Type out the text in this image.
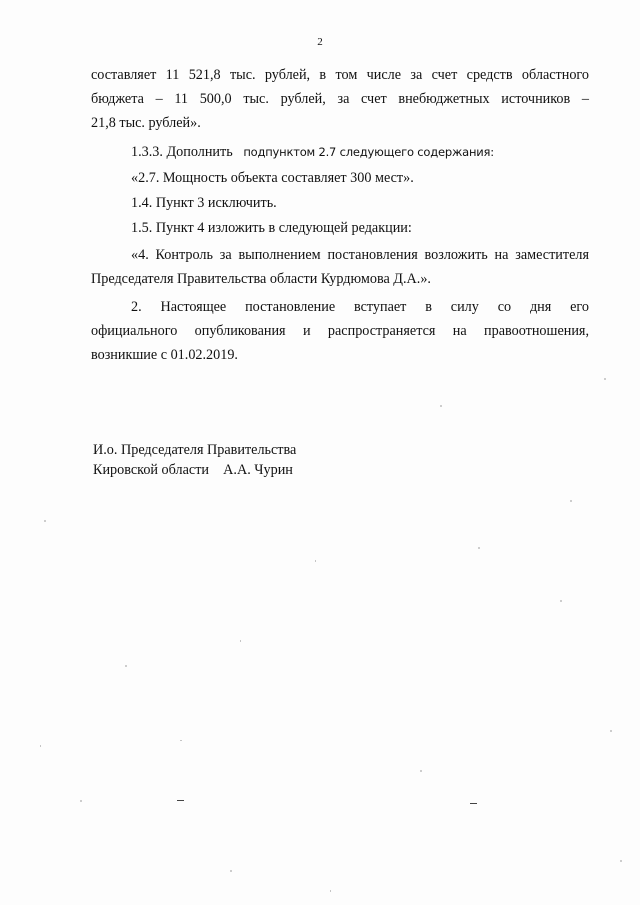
2

составляет 11 521,8 тыс. рублей, в том числе за счет средств областного

бюджета – 11 500,0 тыс. рублей, за счет внебюджетных источников –

21,8 тыс. рублей».

1.3.3. Дополнить подпунктом 2.7 следующего содержания:

«2.7. Мощность объекта составляет 300 мест».

1.4. Пункт 3 исключить.

1.5. Пункт 4 изложить в следующей редакции:

«4. Контроль за выполнением постановления возложить на заместителя

Председателя Правительства области Курдюмова Д.А.».

2. Настоящее постановление вступает в силу со дня его

официального опубликования и распространяется на правоотношения,

возникшие с 01.02.2019.

И.о. Председателя Правительства
Кировской области    А.А. Чурин
